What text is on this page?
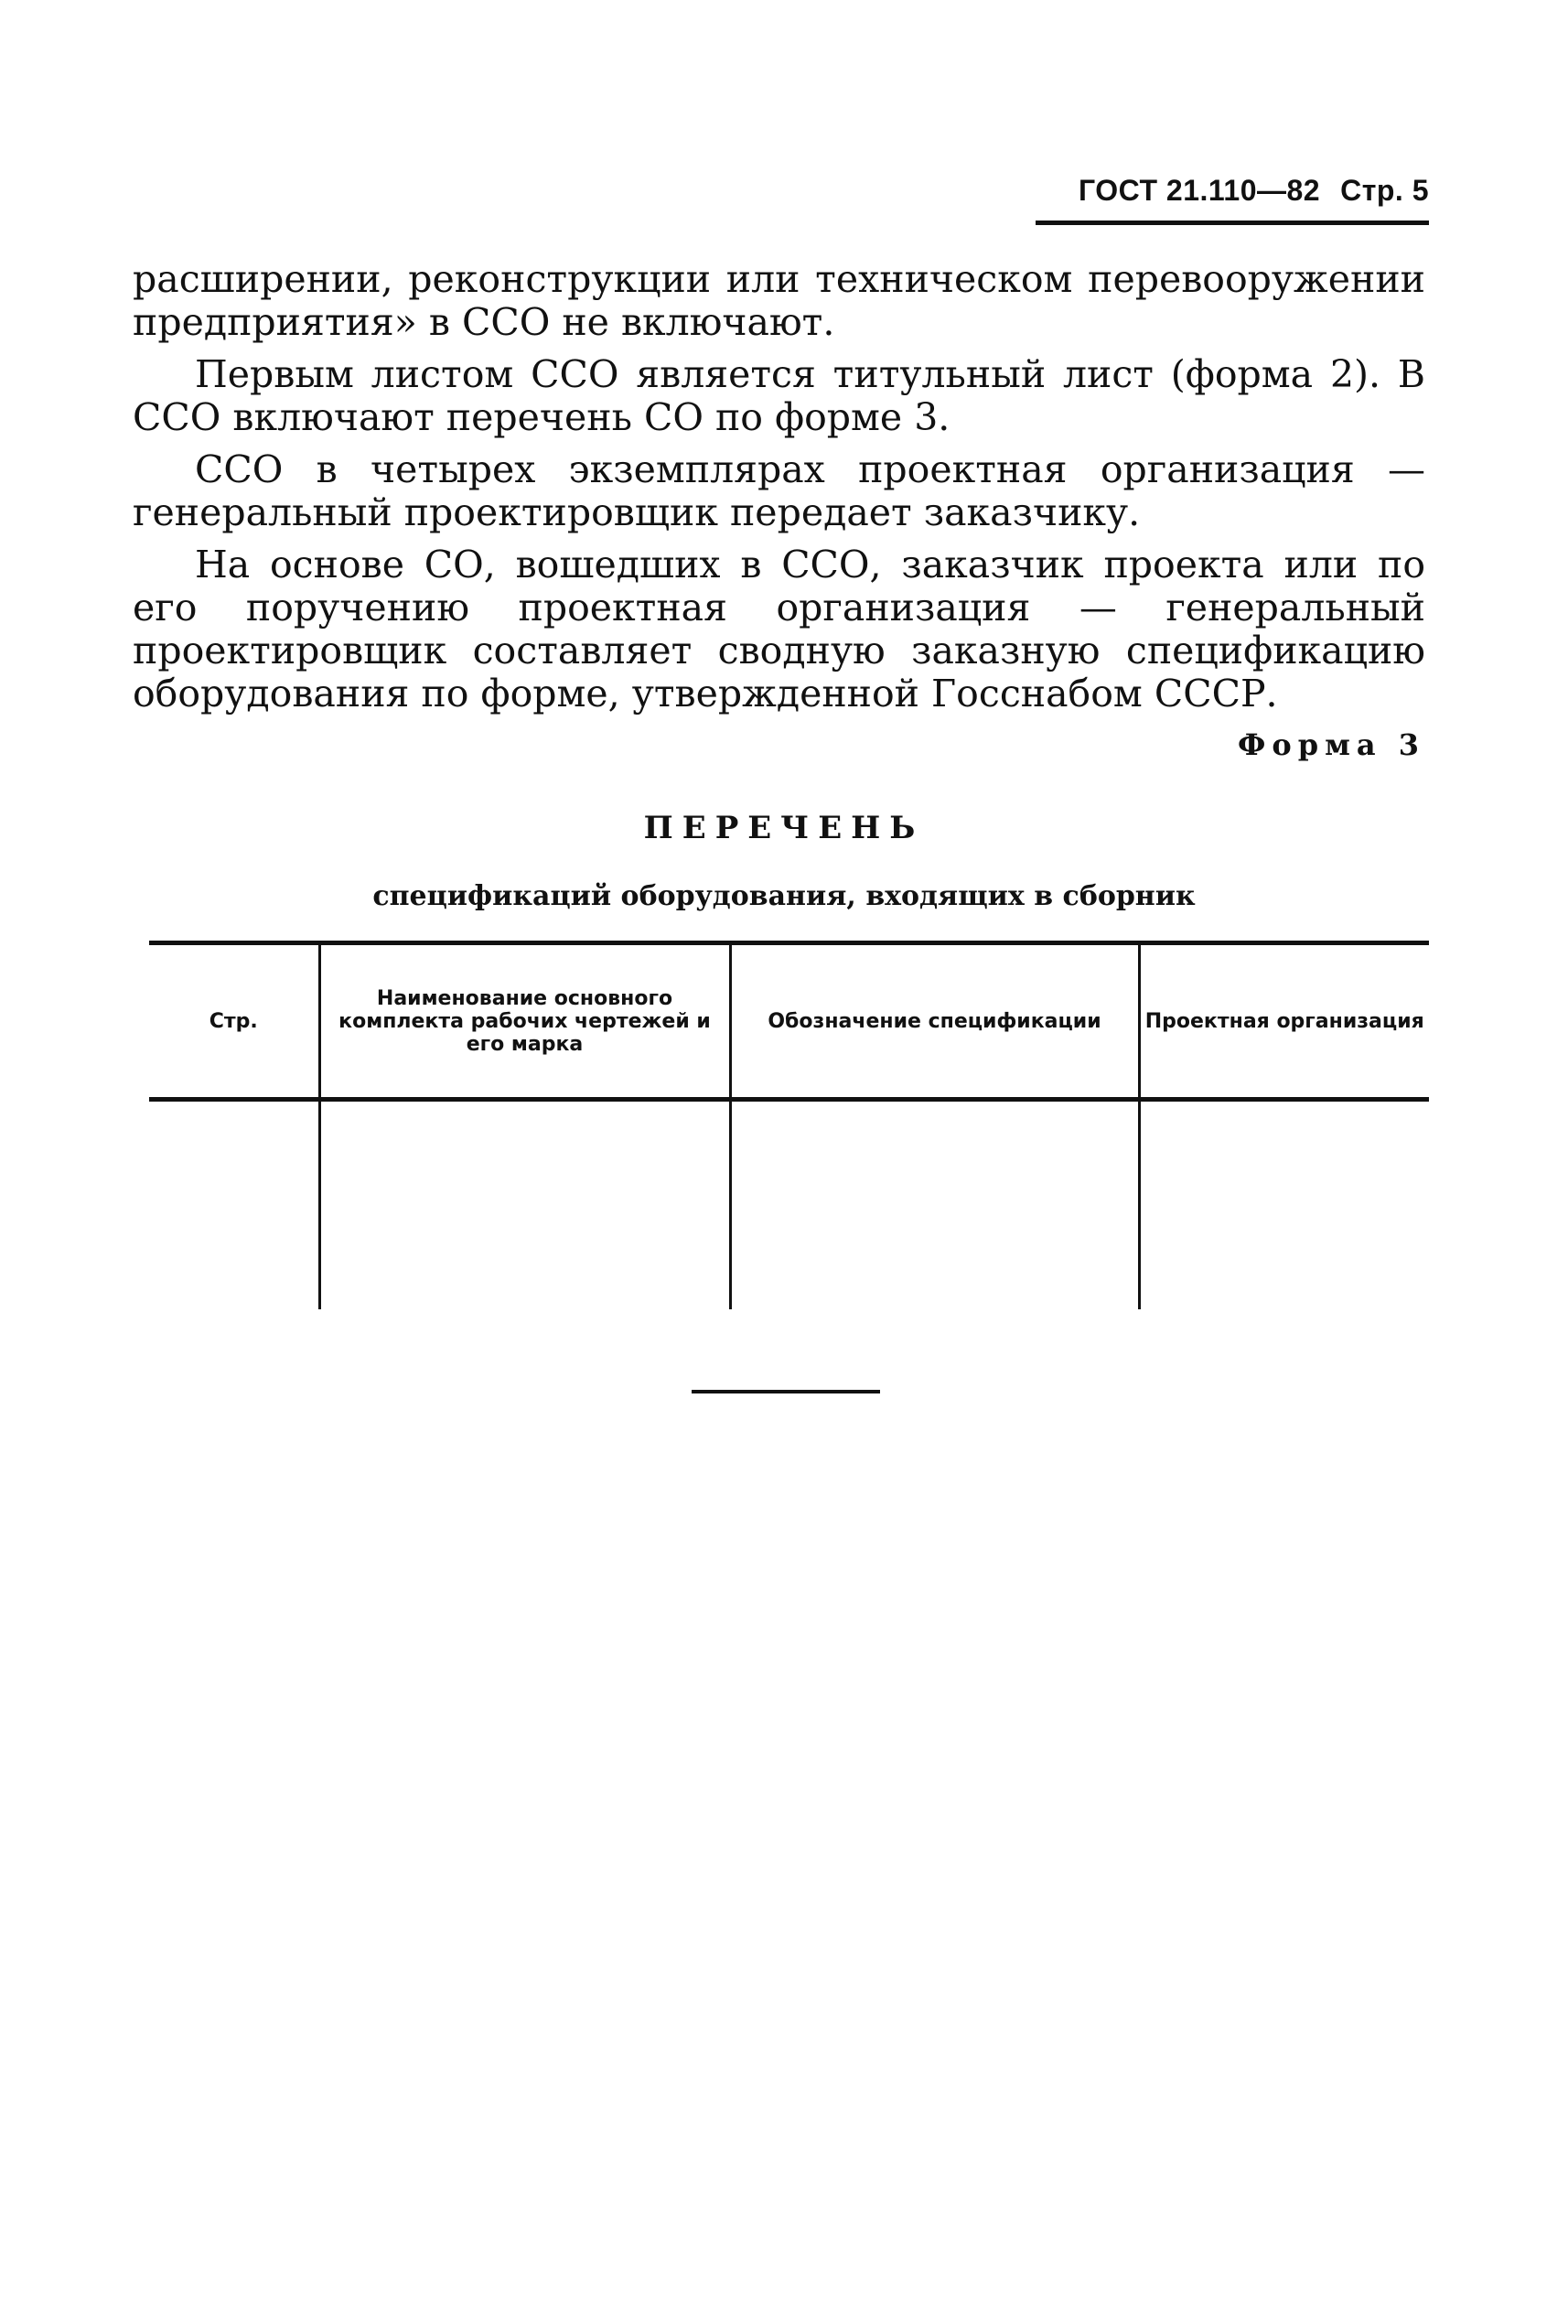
ГОСТ 21.110—82 Стр. 5

расширении, реконструкции или техническом перевооружении предприятия» в ССО не включают.

Первым листом ССО является титульный лист (форма 2). В ССО включают перечень СО по форме 3.

ССО в четырех экземплярах проектная организация — генеральный проектировщик передает заказчику.

На основе СО, вошедших в ССО, заказчик проекта или по его поручению проектная организация — генеральный проектировщик составляет сводную заказную спецификацию оборудования по форме, утвержденной Госснабом СССР.

Форма 3
ПЕРЕЧЕНЬ
спецификаций оборудования, входящих в сборник
Стр.	Наименование основного комплекта рабочих чертежей и его марка	Обозначение спецификации	Проектная организация
